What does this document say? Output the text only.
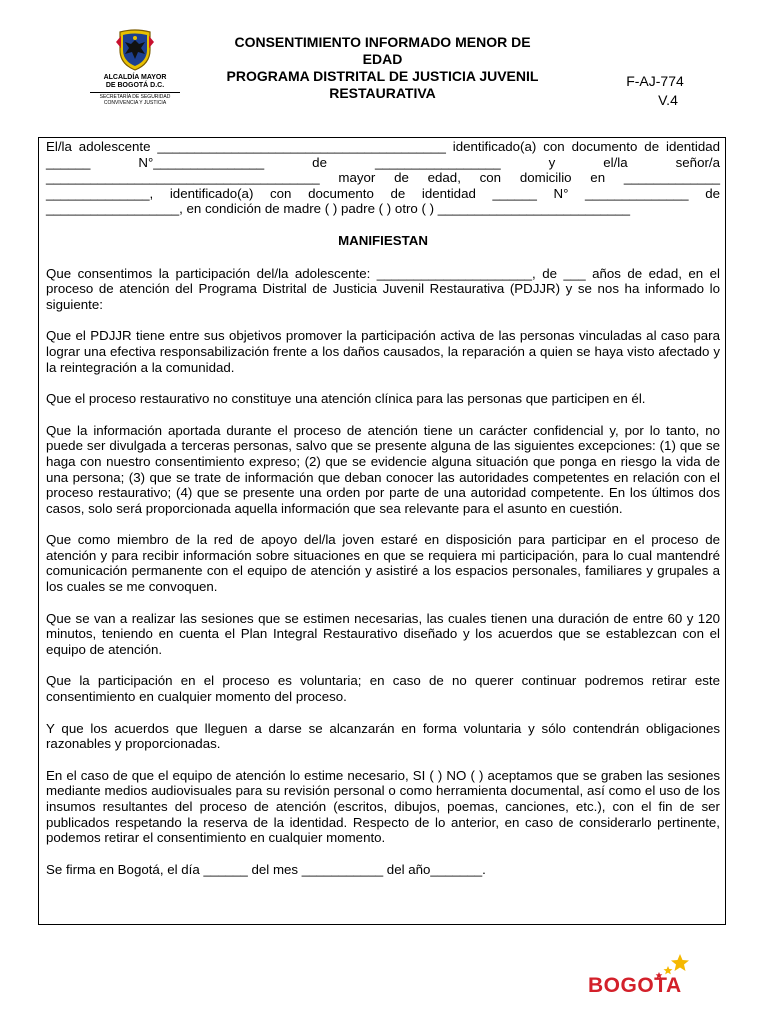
ALCALDÍA MAYOR
DE BOGOTÁ D.C.
SECRETARÍA DE SEGURIDAD
CONVIVENCIA Y JUSTICIA
CONSENTIMIENTO INFORMADO MENOR DE
EDAD
PROGRAMA DISTRITAL DE JUSTICIA JUVENIL
RESTAURATIVA
F-AJ-774
V.4

El/la adolescente _______________________________________ identificado(a) con documento de identidad ______ N°_______________ de _________________ y el/la señor/a _____________________________________ mayor de edad, con domicilio en _____________ ______________, identificado(a) con documento de identidad ______ N° ______________ de __________________, en condición de madre ( ) padre ( ) otro ( ) __________________________

MANIFIESTAN

Que consentimos la participación del/la adolescente: _____________________, de ___ años de edad, en el proceso de atención del Programa Distrital de Justicia Juvenil Restaurativa (PDJJR) y se nos ha informado lo siguiente:

Que el PDJJR tiene entre sus objetivos promover la participación activa de las personas vinculadas al caso para lograr una efectiva responsabilización frente a los daños causados, la reparación a quien se haya visto afectado y la reintegración a la comunidad.

Que el proceso restaurativo no constituye una atención clínica para las personas que participen en él.

Que la información aportada durante el proceso de atención tiene un carácter confidencial y, por lo tanto, no puede ser divulgada a terceras personas, salvo que se presente alguna de las siguientes excepciones: (1) que se haga con nuestro consentimiento expreso; (2) que se evidencie alguna situación que ponga en riesgo la vida de una persona; (3) que se trate de información que deban conocer las autoridades competentes en relación con el proceso restaurativo; (4) que se presente una orden por parte de una autoridad competente. En los últimos dos casos, solo será proporcionada aquella información que sea relevante para el asunto en cuestión.

Que como miembro de la red de apoyo del/la joven estaré en disposición para participar en el proceso de atención y para recibir información sobre situaciones en que se requiera mi participación, para lo cual mantendré comunicación permanente con el equipo de atención y asistiré a los espacios personales, familiares y grupales a los cuales se me convoquen.

Que se van a realizar las sesiones que se estimen necesarias, las cuales tienen una duración de entre 60 y 120 minutos, teniendo en cuenta el Plan Integral Restaurativo diseñado y los acuerdos que se establezcan con el equipo de atención.

Que la participación en el proceso es voluntaria; en caso de no querer continuar podremos retirar este consentimiento en cualquier momento del proceso.

Y que los acuerdos que lleguen a darse se alcanzarán en forma voluntaria y sólo contendrán obligaciones razonables y proporcionadas.

En el caso de que el equipo de atención lo estime necesario, SI ( ) NO ( ) aceptamos que se graben las sesiones mediante medios audiovisuales para su revisión personal o como herramienta documental, así como el uso de los insumos resultantes del proceso de atención (escritos, dibujos, poemas, canciones, etc.), con el fin de ser publicados respetando la reserva de la identidad. Respecto de lo anterior, en caso de considerarlo pertinente, podemos retirar el consentimiento en cualquier momento.

Se firma en Bogotá, el día ______ del mes ___________ del año_______.

BOGOTA
